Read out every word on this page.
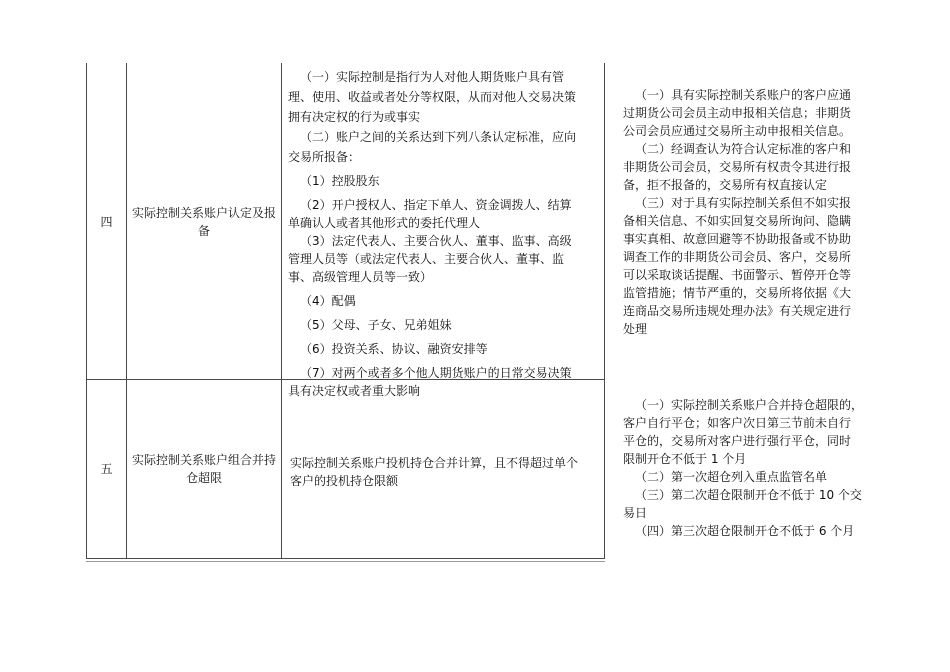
四
实际控制关系账户认定及报备

（一）实际控制是指行为人对他人期货账户具有管

理、使用、收益或者处分等权限，从而对他人交易决策

拥有决定权的行为或事实

（二）账户之间的关系达到下列八条认定标准，应向

交易所报备：

（1）控股股东

（2）开户授权人、指定下单人、资金调拨人、结算

单确认人或者其他形式的委托代理人

（3）法定代表人、主要合伙人、董事、监事、高级

管理人员等（或法定代表人、主要合伙人、董事、监

事、高级管理人员等一致）

（4）配偶

（5）父母、子女、兄弟姐妹

（6）投资关系、协议、融资安排等

（7）对两个或者多个他人期货账户的日常交易决策

具有决定权或者重大影响

（一）具有实际控制关系账户的客户应通

过期货公司会员主动申报相关信息；非期货

公司会员应通过交易所主动申报相关信息。

（二）经调查认为符合认定标准的客户和

非期货公司会员，交易所有权责令其进行报

备，拒不报备的，交易所有权直接认定

（三）对于具有实际控制关系但不如实报

备相关信息、不如实回复交易所询问、隐瞒

事实真相、故意回避等不协助报备或不协助

调查工作的非期货公司会员、客户，交易所

可以采取谈话提醒、书面警示、暂停开仓等

监管措施；情节严重的，交易所将依据《大

连商品交易所违规处理办法》有关规定进行

处理

五
实际控制关系账户组合并持仓超限

实际控制关系账户投机持仓合并计算，且不得超过单个

客户的投机持仓限额

（一）实际控制关系账户合并持仓超限的，

客户自行平仓；如客户次日第三节前未自行

平仓的，交易所对客户进行强行平仓，同时

限制开仓不低于 1 个月

（二）第一次超仓列入重点监管名单

（三）第二次超仓限制开仓不低于 10 个交

易日

（四）第三次超仓限制开仓不低于 6 个月
